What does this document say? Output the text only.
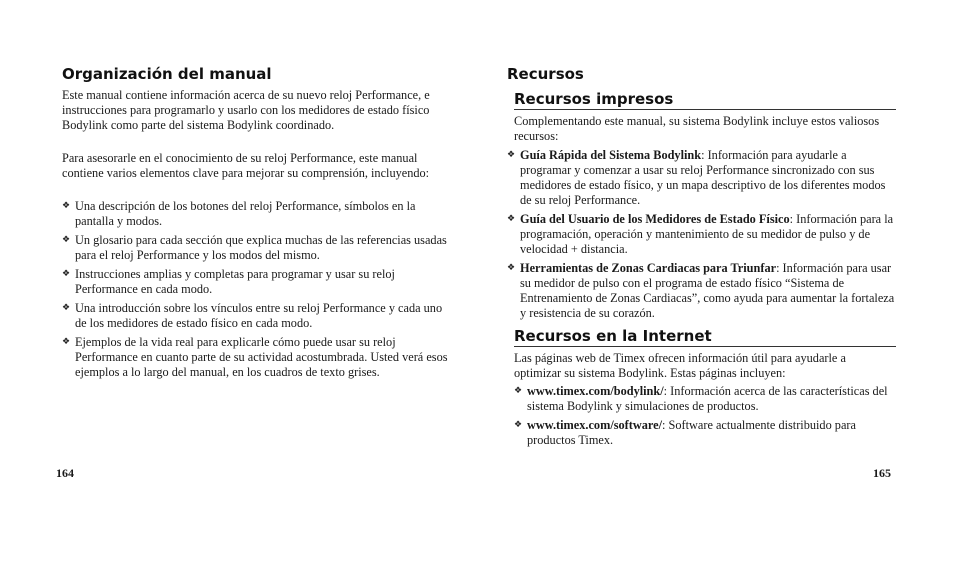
Organización del manual

Este manual contiene información acerca de su nuevo reloj Performance, e instrucciones para programarlo y usarlo con los medidores de estado físico Bodylink como parte del sistema Bodylink coordinado.

Para asesorarle en el conocimiento de su reloj Performance, este manual contiene varios elementos clave para mejorar su comprensión, incluyendo:

❖ Una descripción de los botones del reloj Performance, símbolos en la pantalla y modos.
❖ Un glosario para cada sección que explica muchas de las referencias usadas para el reloj Performance y los modos del mismo.
❖ Instrucciones amplias y completas para programar y usar su reloj Performance en cada modo.
❖ Una introducción sobre los vínculos entre su reloj Performance y cada uno de los medidores de estado físico en cada modo.
❖ Ejemplos de la vida real para explicarle cómo puede usar su reloj Performance en cuanto parte de su actividad acostumbrada. Usted verá esos ejemplos a lo largo del manual, en los cuadros de texto grises.
164
Recursos
Recursos impresos

Complementando este manual, su sistema Bodylink incluye estos valiosos recursos:

❖ Guía Rápida del Sistema Bodylink: Información para ayudarle a programar y comenzar a usar su reloj Performance sincronizado con sus medidores de estado físico, y un mapa descriptivo de los diferentes modos de su reloj Performance.
❖ Guía del Usuario de los Medidores de Estado Físico: Información para la programación, operación y mantenimiento de su medidor de pulso y de velocidad + distancia.
❖ Herramientas de Zonas Cardiacas para Triunfar: Información para usar su medidor de pulso con el programa de estado físico “Sistema de Entrenamiento de Zonas Cardiacas”, como ayuda para aumentar la fortaleza y resistencia de su corazón.
Recursos en la Internet

Las páginas web de Timex ofrecen información útil para ayudarle a optimizar su sistema Bodylink. Estas páginas incluyen:

❖ www.timex.com/bodylink/: Información acerca de las características del sistema Bodylink y simulaciones de productos.
❖ www.timex.com/software/: Software actualmente distribuido para productos Timex.
165
